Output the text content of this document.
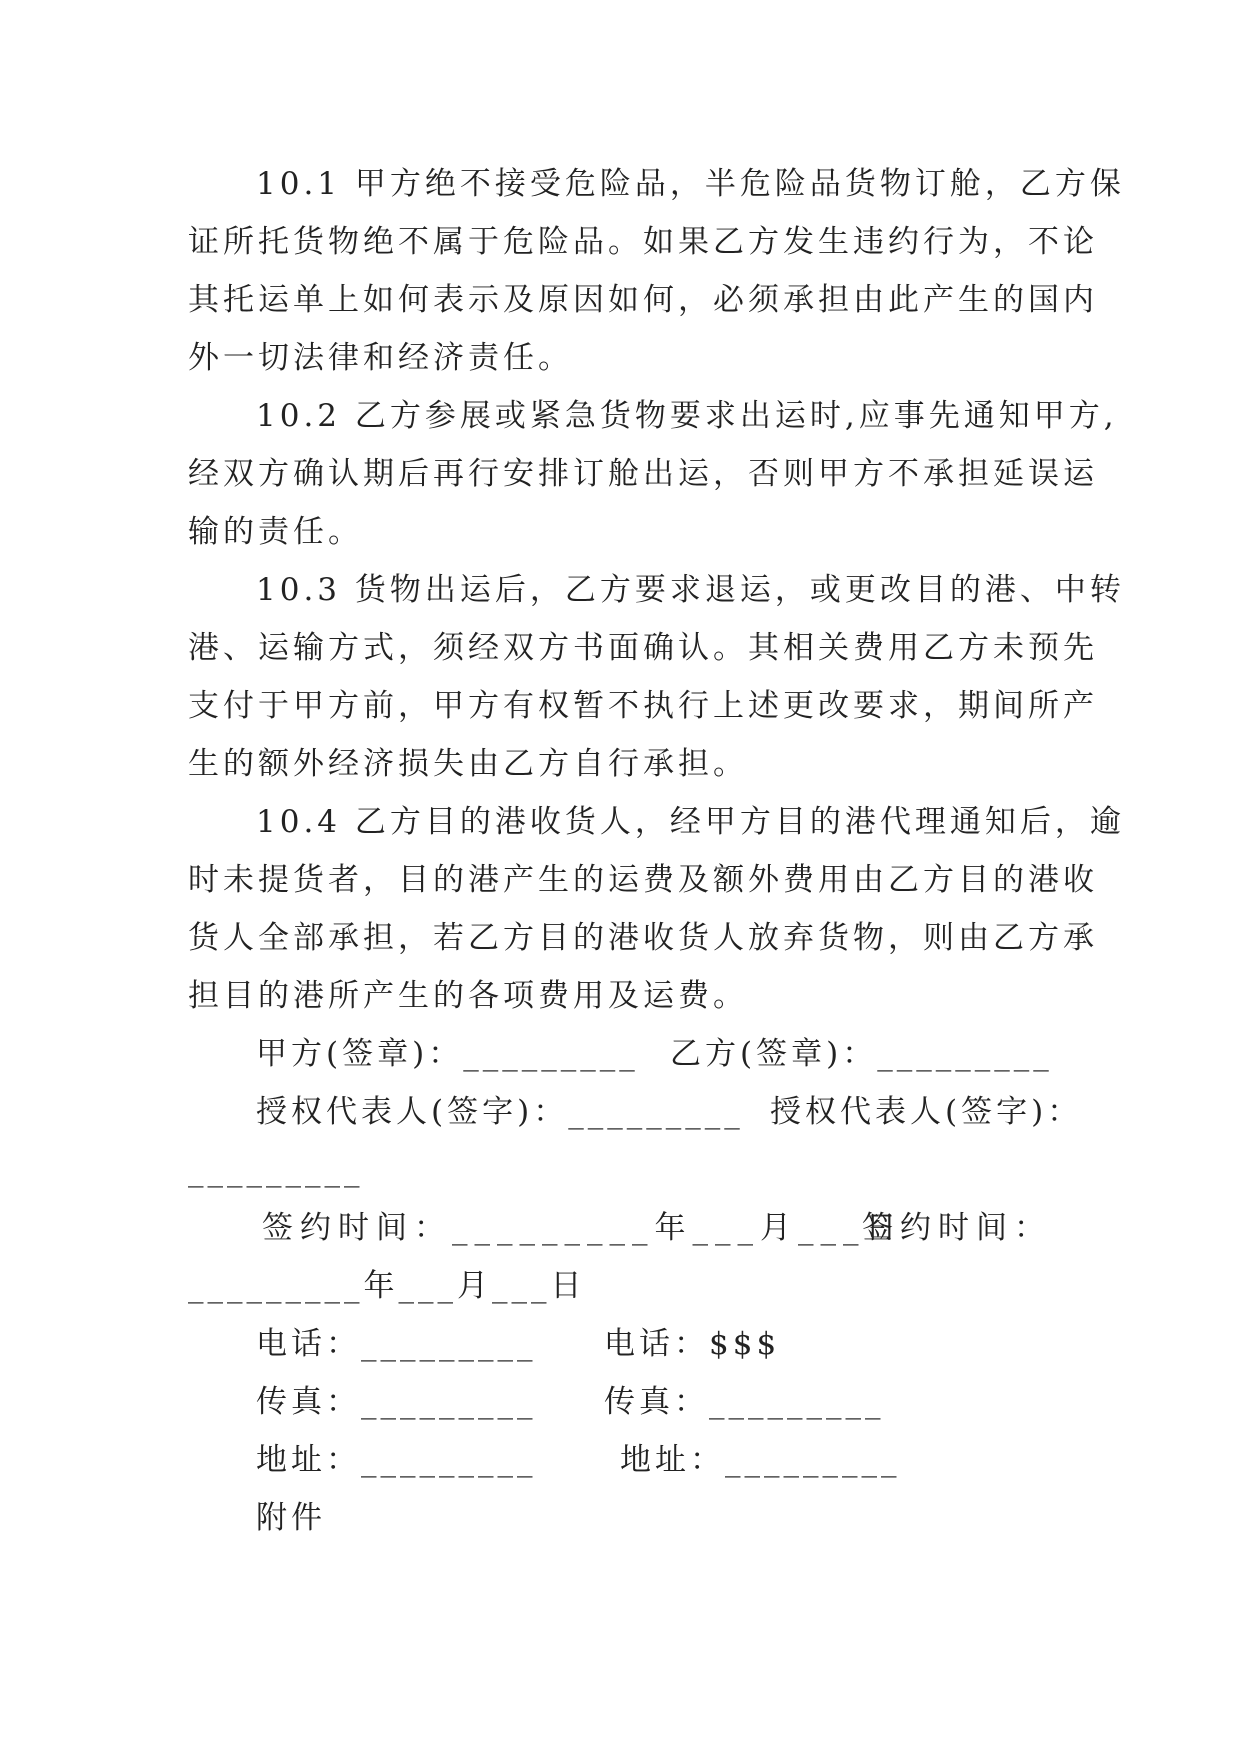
10.1 甲方绝不接受危险品，半危险品货物订舱，乙方保
证所托货物绝不属于危险品。如果乙方发生违约行为，不论
其托运单上如何表示及原因如何，必须承担由此产生的国内
外一切法律和经济责任。
10.2 乙方参展或紧急货物要求出运时,应事先通知甲方,
经双方确认期后再行安排订舱出运，否则甲方不承担延误运
输的责任。
10.3 货物出运后，乙方要求退运，或更改目的港、中转
港、运输方式，须经双方书面确认。其相关费用乙方未预先
支付于甲方前，甲方有权暂不执行上述更改要求，期间所产
生的额外经济损失由乙方自行承担。
10.4 乙方目的港收货人，经甲方目的港代理通知后，逾
时未提货者，目的港产生的运费及额外费用由乙方目的港收
货人全部承担，若乙方目的港收货人放弃货物，则由乙方承
担目的港所产生的各项费用及运费。
甲方(签章)：_________ 乙方(签章)：_________
授权代表人(签字)：_________ 授权代表人(签字)：
_________
签约时间：_________年___月___日
签约时间：
_________年___月___日
电话：_________ 电话：$$$
传真：_________ 传真：_________
地址：_________	地址：_________
附件
